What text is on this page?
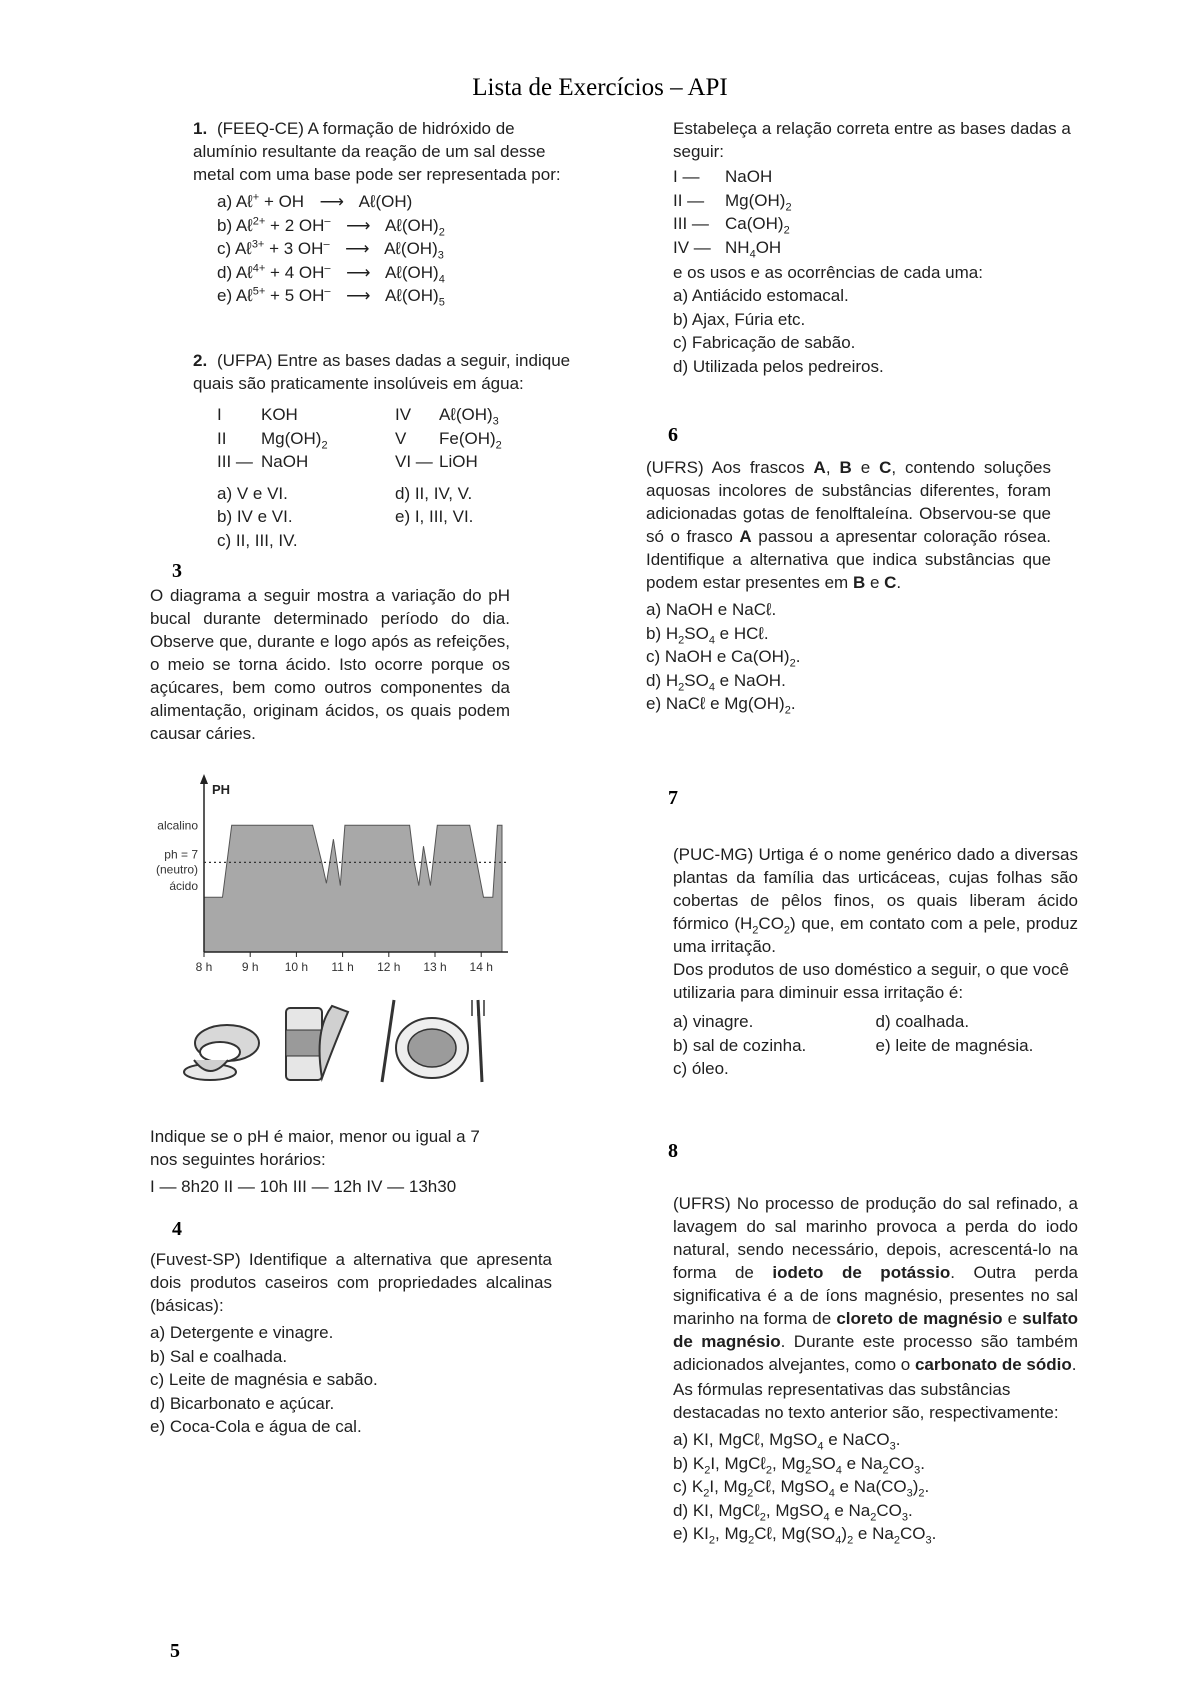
Lista de Exercícios – API

1. (FEEQ-CE) A formação de hidróxido de alumínio resultante da reação de um sal desse metal com uma base pode ser representada por:

a) Aℓ+ + OH ⟶ Aℓ(OH)
b) Aℓ$^{2+}$ + 2 OH– ⟶ $A\ell(OH)_2$
c) Aℓ$^{3+}$ + 3 OH– ⟶ $A\ell(OH)_3$
d) Aℓ$^{4+}$ + 4 OH– ⟶ $A\ell(OH)_4$
e) Aℓ$^{5+}$ + 5 OH– ⟶ $A\ell(OH)_5$

2. (UFPA) Entre as bases dadas a seguir, indique quais são praticamente insolúveis em água:

I KOH	IV $A\ell(OH)_3$
II $Mg(OH)_2$	V $Fe(OH)_2$
III — NaOH	VI — LiOH
a) V e VI.	d) II, IV, V.
b) IV e VI.	e) I, III, VI.
c) II, III, IV.
3

O diagrama a seguir mostra a variação do pH bucal durante determinado período do dia. Observe que, durante e logo após as refeições, o meio se torna ácido. Isto ocorre porque os açúcares, bem como outros componentes da alimentação, originam ácidos, os quais podem causar cáries.

PH
alcalino
ph = 7
(neutro)
ácido
8 h 9 h 10 h 11 h 12 h 13 h 14 h

Indique se o pH é maior, menor ou igual a 7 nos seguintes horários:

I — 8h20 II — 10h III — 12h IV — 13h30

4

(Fuvest-SP) Identifique a alternativa que apresenta dois produtos caseiros com propriedades alcalinas (básicas):

a) Detergente e vinagre.
b) Sal e coalhada.
c) Leite de magnésia e sabão.
d) Bicarbonato e açúcar.
e) Coca-Cola e água de cal.

Estabeleça a relação correta entre as bases dadas a seguir:

I — NaOH
II — $Mg(OH)_2$
III — $Ca(OH)_2$
IV — $NH_4OH$

e os usos e as ocorrências de cada uma:

a) Antiácido estomacal.
b) Ajax, Fúria etc.
c) Fabricação de sabão.
d) Utilizada pelos pedreiros.
6

(UFRS) Aos frascos A, B e C, contendo soluções aquosas incolores de substâncias diferentes, foram adicionadas gotas de fenolftaleína. Observou-se que só o frasco A passou a apresentar coloração rósea. Identifique a alternativa que indica substâncias que podem estar presentes em B e C.

a) NaOH e NaCℓ.
b) $H_2SO_4$ e HCℓ.
c) NaOH e $Ca(OH)_2$.
d) $H_2SO_4$ e NaOH.
e) NaCℓ e $Mg(OH)_2$.
7

(PUC-MG) Urtiga é o nome genérico dado a diversas plantas da família das urticáceas, cujas folhas são cobertas de pêlos finos, os quais liberam ácido fórmico $(H_2CO_2)$ que, em contato com a pele, produz uma irritação.

Dos produtos de uso doméstico a seguir, o que você utilizaria para diminuir essa irritação é:

a) vinagre.	d) coalhada.
b) sal de cozinha.	e) leite de magnésia.
c) óleo.
8

(UFRS) No processo de produção do sal refinado, a lavagem do sal marinho provoca a perda do iodo natural, sendo necessário, depois, acrescentá-lo na forma de iodeto de potássio. Outra perda significativa é a de íons magnésio, presentes no sal marinho na forma de cloreto de magnésio e sulfato de magnésio. Durante este processo são também adicionados alvejantes, como o carbonato de sódio.

As fórmulas representativas das substâncias destacadas no texto anterior são, respectivamente:

a) KI, MgCℓ, MgSO$_4$ e NaCO$_3$.
b) $K_2I$, MgCℓ$_2$, $Mg_2SO_4$ e $Na_2CO_3$.
c) $K_2I$, $Mg_2C\ell$, MgSO$_4$ e $Na(CO_3)_2$.
d) KI, MgCℓ$_2$, MgSO$_4$ e $Na_2CO_3$.
e) $KI_2$, $Mg_2C\ell$, $Mg(SO_4)_2$ e $Na_2CO_3$.
5
